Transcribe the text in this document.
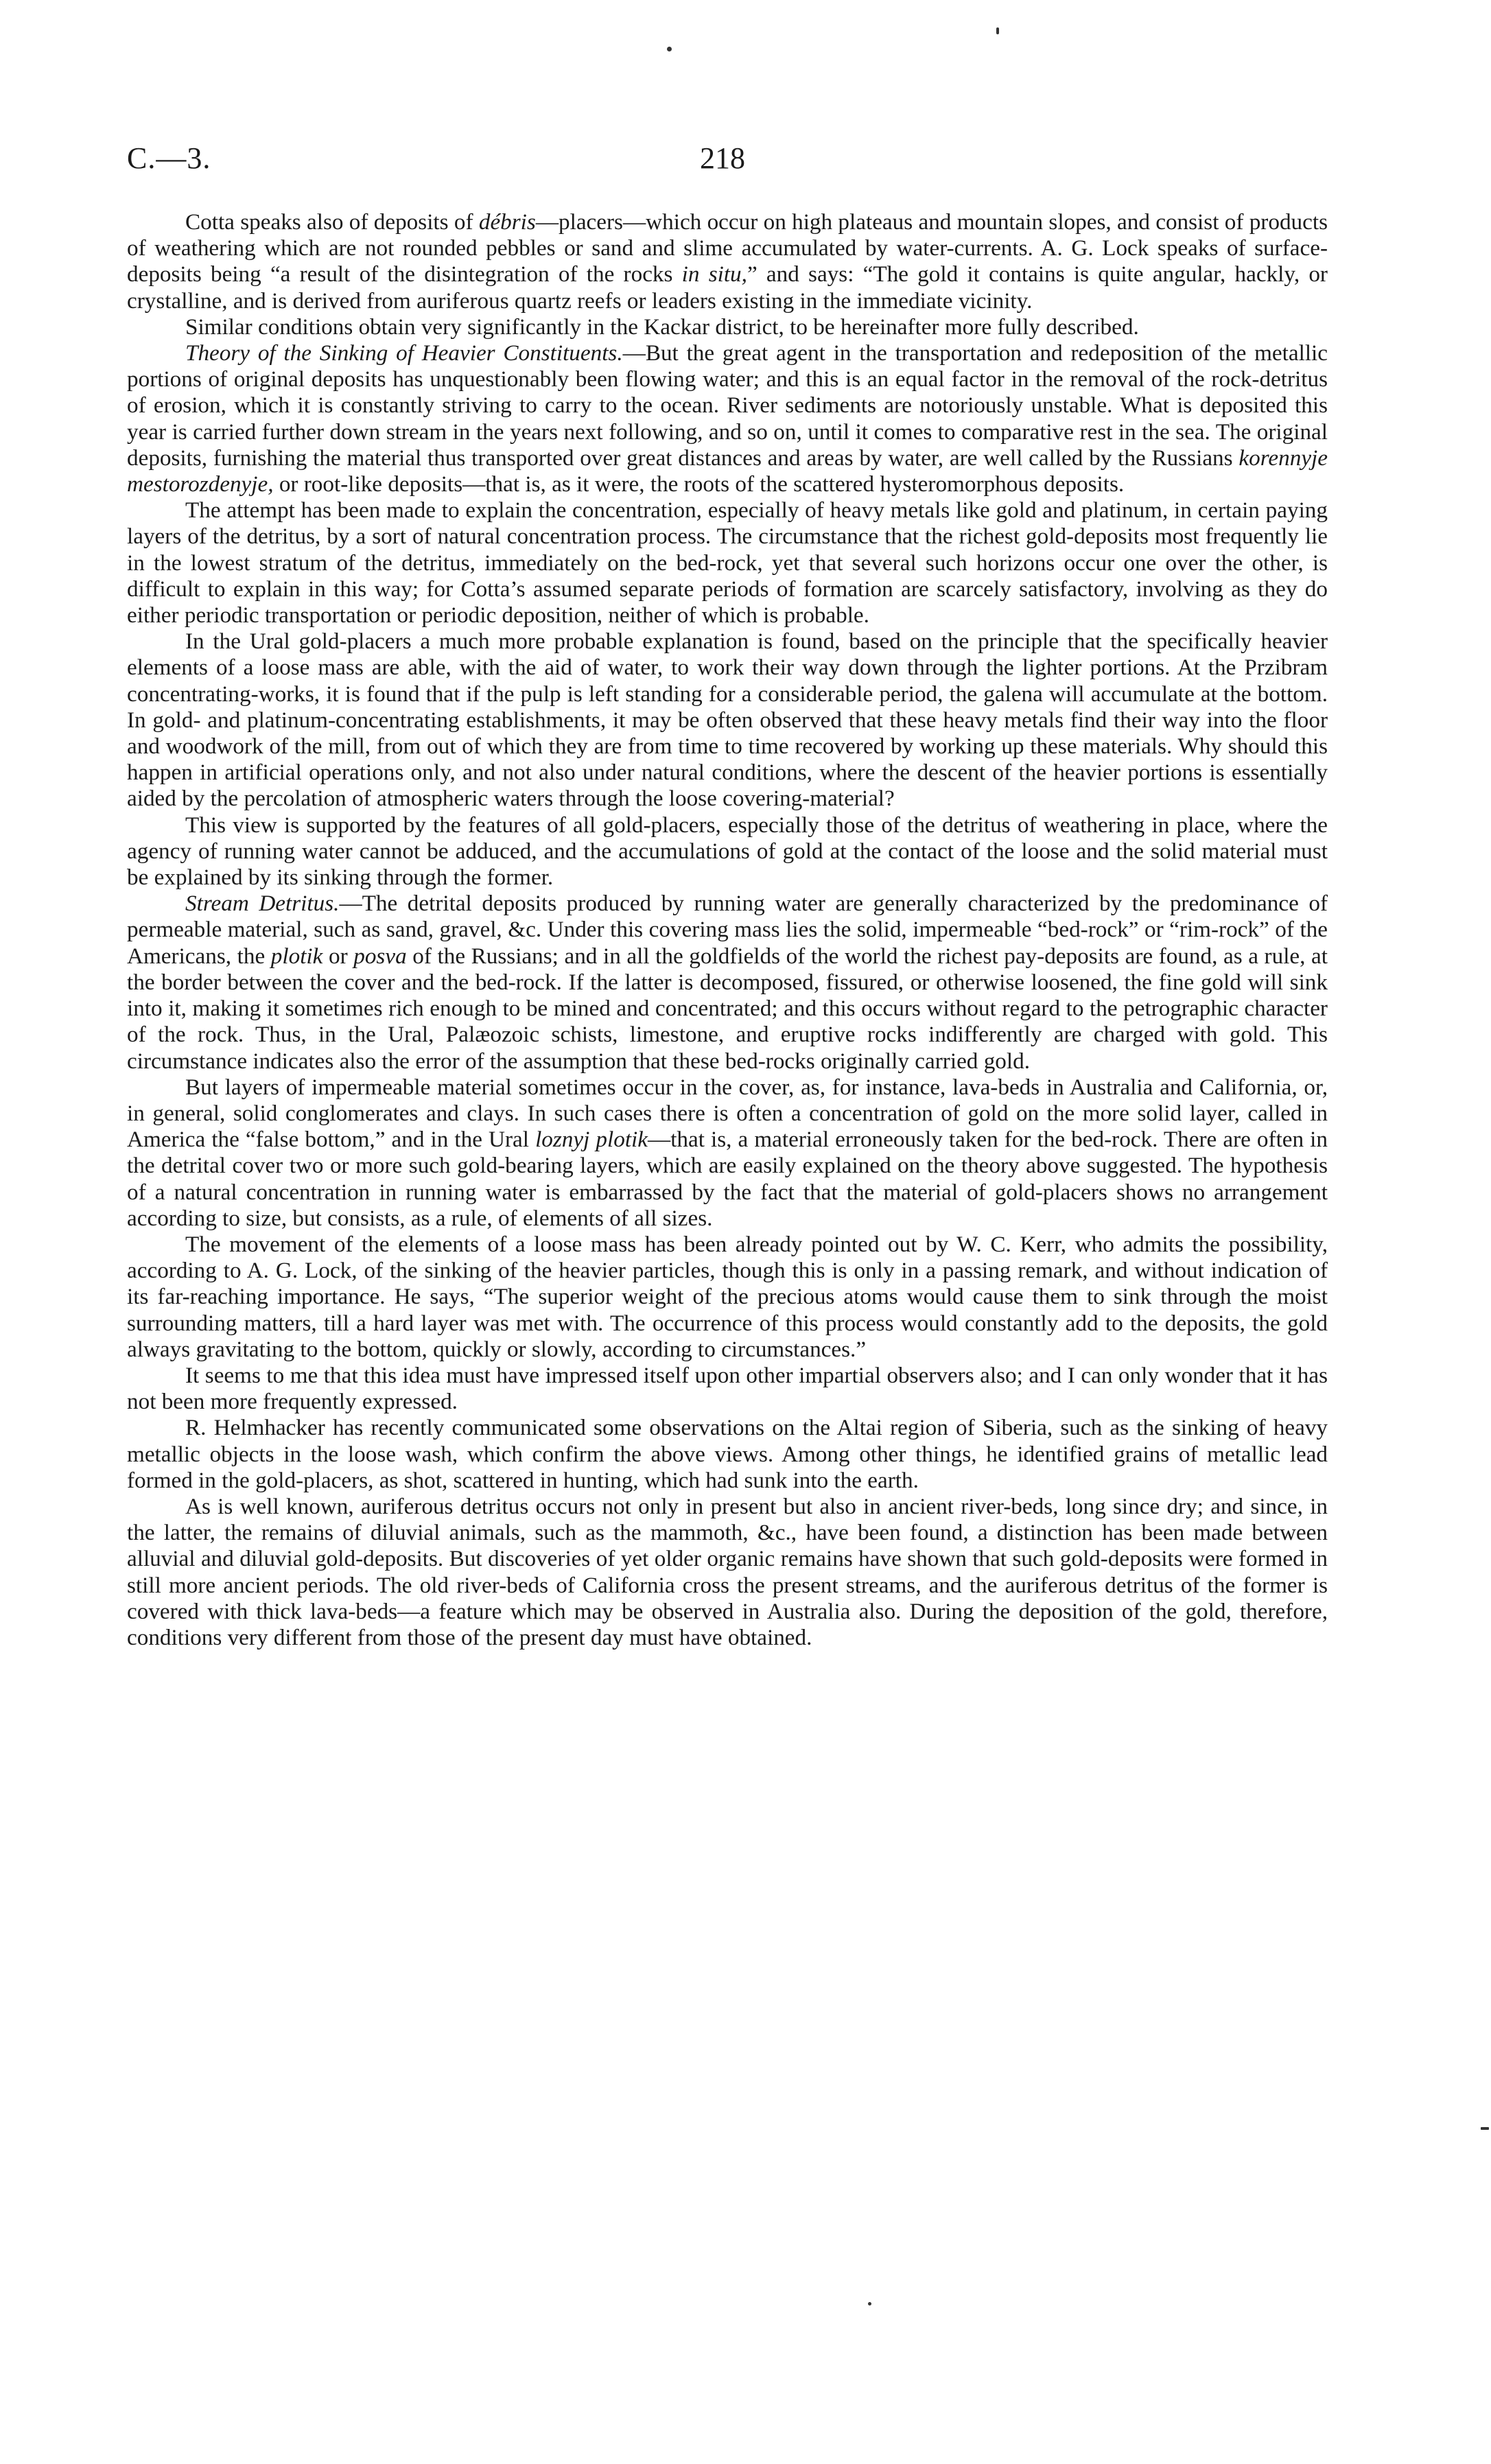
C.—3.	218

Cotta speaks also of deposits of débris—placers—which occur on high plateaus and mountain slopes, and consist of products of weathering which are not rounded pebbles or sand and slime accumulated by water-currents. A. G. Lock speaks of surface-deposits being “a result of the disintegration of the rocks in situ,” and says: “The gold it contains is quite angular, hackly, or crystalline, and is derived from auriferous quartz reefs or leaders existing in the immediate vicinity.

Similar conditions obtain very significantly in the Kackar district, to be hereinafter more fully described.

Theory of the Sinking of Heavier Constituents.—But the great agent in the transportation and redeposition of the metallic portions of original deposits has unquestionably been flowing water; and this is an equal factor in the removal of the rock-detritus of erosion, which it is constantly striving to carry to the ocean. River sediments are notoriously unstable. What is deposited this year is carried further down stream in the years next following, and so on, until it comes to comparative rest in the sea. The original deposits, furnishing the material thus transported over great distances and areas by water, are well called by the Russians korennyje mestorozdenyje, or root-like deposits—that is, as it were, the roots of the scattered hysteromorphous deposits.

The attempt has been made to explain the concentration, especially of heavy metals like gold and platinum, in certain paying layers of the detritus, by a sort of natural concentration process. The circumstance that the richest gold-deposits most frequently lie in the lowest stratum of the detritus, immediately on the bed-rock, yet that several such horizons occur one over the other, is difficult to explain in this way; for Cotta’s assumed separate periods of formation are scarcely satisfactory, involving as they do either periodic transportation or periodic deposition, neither of which is probable.

In the Ural gold-placers a much more probable explanation is found, based on the principle that the specifically heavier elements of a loose mass are able, with the aid of water, to work their way down through the lighter portions. At the Przibram concentrating-works, it is found that if the pulp is left standing for a considerable period, the galena will accumulate at the bottom. In gold- and platinum-concentrating establishments, it may be often observed that these heavy metals find their way into the floor and woodwork of the mill, from out of which they are from time to time recovered by working up these materials. Why should this happen in artificial operations only, and not also under natural conditions, where the descent of the heavier portions is essentially aided by the percolation of atmospheric waters through the loose covering-material?

This view is supported by the features of all gold-placers, especially those of the detritus of weathering in place, where the agency of running water cannot be adduced, and the accumulations of gold at the contact of the loose and the solid material must be explained by its sinking through the former.

Stream Detritus.—The detrital deposits produced by running water are generally characterized by the predominance of permeable material, such as sand, gravel, &c. Under this covering mass lies the solid, impermeable “bed-rock” or “rim-rock” of the Americans, the plotik or posva of the Russians; and in all the goldfields of the world the richest pay-deposits are found, as a rule, at the border between the cover and the bed-rock. If the latter is decomposed, fissured, or otherwise loosened, the fine gold will sink into it, making it sometimes rich enough to be mined and concentrated; and this occurs without regard to the petrographic character of the rock. Thus, in the Ural, Palæozoic schists, limestone, and eruptive rocks indifferently are charged with gold. This circumstance indicates also the error of the assumption that these bed-rocks originally carried gold.

But layers of impermeable material sometimes occur in the cover, as, for instance, lava-beds in Australia and California, or, in general, solid conglomerates and clays. In such cases there is often a concentration of gold on the more solid layer, called in America the “false bottom,” and in the Ural loznyj plotik—that is, a material erroneously taken for the bed-rock. There are often in the detrital cover two or more such gold-bearing layers, which are easily explained on the theory above suggested. The hypothesis of a natural concentration in running water is embarrassed by the fact that the material of gold-placers shows no arrangement according to size, but consists, as a rule, of elements of all sizes.

The movement of the elements of a loose mass has been already pointed out by W. C. Kerr, who admits the possibility, according to A. G. Lock, of the sinking of the heavier particles, though this is only in a passing remark, and without indication of its far-reaching importance. He says, “The superior weight of the precious atoms would cause them to sink through the moist surrounding matters, till a hard layer was met with. The occurrence of this process would constantly add to the deposits, the gold always gravitating to the bottom, quickly or slowly, according to circumstances.”

It seems to me that this idea must have impressed itself upon other impartial observers also; and I can only wonder that it has not been more frequently expressed.

R. Helmhacker has recently communicated some observations on the Altai region of Siberia, such as the sinking of heavy metallic objects in the loose wash, which confirm the above views. Among other things, he identified grains of metallic lead formed in the gold-placers, as shot, scattered in hunting, which had sunk into the earth.

As is well known, auriferous detritus occurs not only in present but also in ancient river-beds, long since dry; and since, in the latter, the remains of diluvial animals, such as the mammoth, &c., have been found, a distinction has been made between alluvial and diluvial gold-deposits. But discoveries of yet older organic remains have shown that such gold-deposits were formed in still more ancient periods. The old river-beds of California cross the present streams, and the auriferous detritus of the former is covered with thick lava-beds—a feature which may be observed in Australia also. During the deposition of the gold, therefore, conditions very different from those of the present day must have obtained.
